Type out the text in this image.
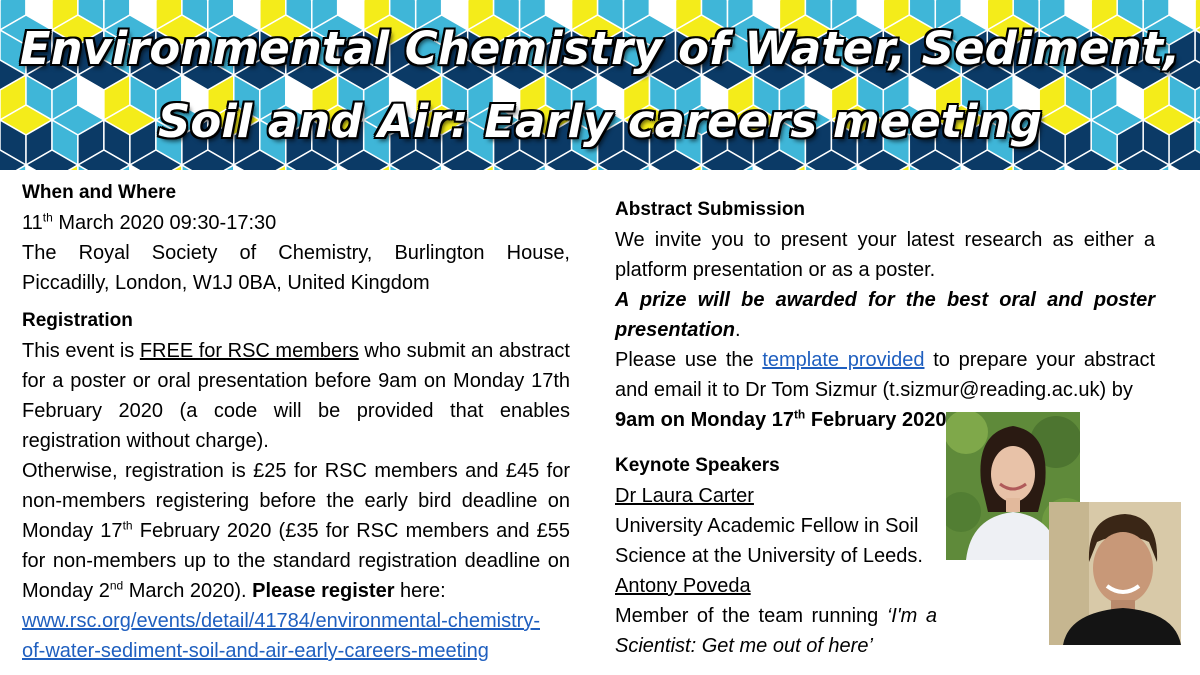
Environmental Chemistry of Water, Sediment,
Soil and Air: Early careers meeting
When and Where
11th March 2020 09:30-17:30
The Royal Society of Chemistry, Burlington House,
Piccadilly, London, W1J 0BA, United Kingdom
Registration
This event is FREE for RSC members who submit an abstract for a poster or oral presentation before 9am on Monday 17th February 2020 (a code will be provided that enables registration without charge).
Otherwise, registration is £25 for RSC members and £45 for non-members registering before the early bird deadline on Monday 17th February 2020 (£35 for RSC members and £55 for non-members up to the standard registration deadline on Monday 2nd March 2020). Please register here:
www.rsc.org/events/detail/41784/environmental-chemistry-
of-water-sediment-soil-and-air-early-careers-meeting
Abstract Submission
We invite you to present your latest research as either a platform presentation or as a poster.
A prize will be awarded for the best oral and poster presentation.
Please use the template provided to prepare your abstract and email it to Dr Tom Sizmur (t.sizmur@reading.ac.uk) by
9am on Monday 17th February 2020
Keynote Speakers
Dr Laura Carter
University Academic Fellow in Soil Science at the University of Leeds.
Antony Poveda
Member of the team running ‘I'm a Scientist: Get me out of here’
